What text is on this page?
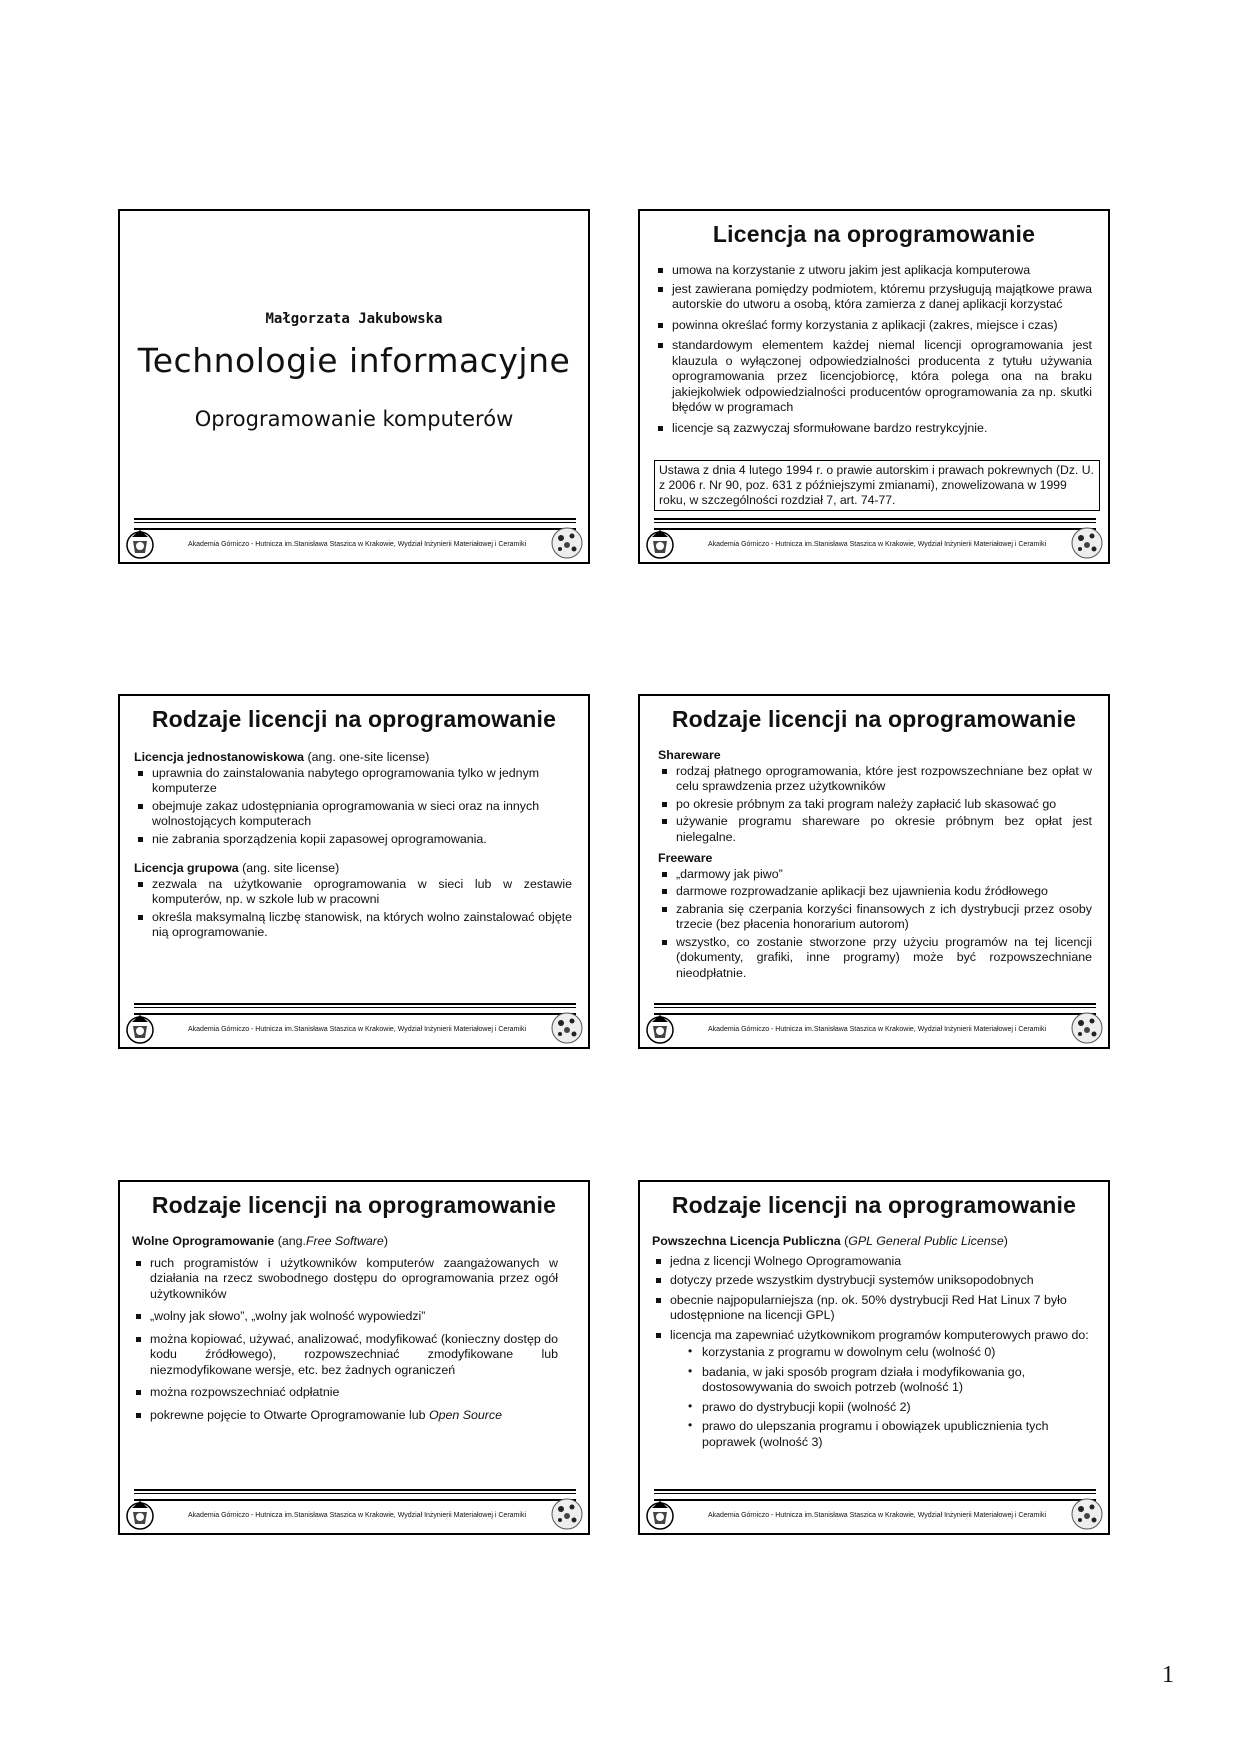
Małgorzata Jakubowska
Technologie informacyjne
Oprogramowanie komputerów
Akademia Górniczo - Hutnicza im.Stanisława Staszica w Krakowie, Wydział Inżynierii Materiałowej i Ceramiki
Licencja na oprogramowanie
umowa na korzystanie z utworu jakim jest aplikacja komputerowa
jest zawierana pomiędzy podmiotem, któremu przysługują majątkowe prawa autorskie do utworu a osobą, która zamierza z danej aplikacji korzystać
powinna określać formy korzystania z aplikacji (zakres, miejsce i czas)
standardowym elementem każdej niemal licencji oprogramowania jest klauzula o wyłączonej odpowiedzialności producenta z tytułu używania oprogramowania przez licencjobiorcę, która polega ona na braku jakiejkolwiek odpowiedzialności producentów oprogramowania za np. skutki błędów w programach
licencje są zazwyczaj sformułowane bardzo restrykcyjnie.
Ustawa z dnia 4 lutego 1994 r. o prawie autorskim i prawach pokrewnych (Dz. U. z 2006 r. Nr 90, poz. 631 z późniejszymi zmianami), znowelizowana w 1999 roku, w szczególności rozdział 7, art. 74-77.
Akademia Górniczo - Hutnicza im.Stanisława Staszica w Krakowie, Wydział Inżynierii Materiałowej i Ceramiki
Rodzaje licencji na oprogramowanie
Licencja jednostanowiskowa (ang. one-site license)
uprawnia do zainstalowania nabytego oprogramowania tylko w jednym komputerze
obejmuje zakaz udostępniania oprogramowania w sieci oraz na innych wolnostojących komputerach
nie zabrania sporządzenia kopii zapasowej oprogramowania.
Licencja grupowa (ang. site license)
zezwala na użytkowanie oprogramowania w sieci lub w zestawie komputerów, np. w szkole lub w pracowni
określa maksymalną liczbę stanowisk, na których wolno zainstalować objęte nią oprogramowanie.
Akademia Górniczo - Hutnicza im.Stanisława Staszica w Krakowie, Wydział Inżynierii Materiałowej i Ceramiki
Rodzaje licencji na oprogramowanie
Shareware
rodzaj płatnego oprogramowania, które jest rozpowszechniane bez opłat w celu sprawdzenia przez użytkowników
po okresie próbnym za taki program należy zapłacić lub skasować go
używanie programu shareware po okresie próbnym bez opłat jest nielegalne.
Freeware
„darmowy jak piwo”
darmowe rozprowadzanie aplikacji bez ujawnienia kodu źródłowego
zabrania się czerpania korzyści finansowych z ich dystrybucji przez osoby trzecie (bez płacenia honorarium autorom)
wszystko, co zostanie stworzone przy użyciu programów na tej licencji (dokumenty, grafiki, inne programy) może być rozpowszechniane nieodpłatnie.
Akademia Górniczo - Hutnicza im.Stanisława Staszica w Krakowie, Wydział Inżynierii Materiałowej i Ceramiki
Rodzaje licencji na oprogramowanie
Wolne Oprogramowanie (ang.Free Software)
ruch programistów i użytkowników komputerów zaangażowanych w działania na rzecz swobodnego dostępu do oprogramowania przez ogół użytkowników
„wolny jak słowo”, „wolny jak wolność wypowiedzi”
można kopiować, używać, analizować, modyfikować (konieczny dostęp do kodu źródłowego), rozpowszechniać zmodyfikowane lub niezmodyfikowane wersje, etc. bez żadnych ograniczeń
można rozpowszechniać odpłatnie
pokrewne pojęcie to Otwarte Oprogramowanie lub Open Source
Akademia Górniczo - Hutnicza im.Stanisława Staszica w Krakowie, Wydział Inżynierii Materiałowej i Ceramiki
Rodzaje licencji na oprogramowanie
Powszechna Licencja Publiczna (GPL General Public License)
jedna z licencji Wolnego Oprogramowania
dotyczy przede wszystkim dystrybucji systemów uniksopodobnych
obecnie najpopularniejsza (np. ok. 50% dystrybucji Red Hat Linux 7 było udostępnione na licencji GPL)
licencja ma zapewniać użytkownikom programów komputerowych prawo do:
• korzystania z programu w dowolnym celu (wolność 0)
• badania, w jaki sposób program działa i modyfikowania go, dostosowywania do swoich potrzeb (wolność 1)
• prawo do dystrybucji kopii (wolność 2)
• prawo do ulepszania programu i obowiązek upublicznienia tych poprawek (wolność 3)
Akademia Górniczo - Hutnicza im.Stanisława Staszica w Krakowie, Wydział Inżynierii Materiałowej i Ceramiki
1
